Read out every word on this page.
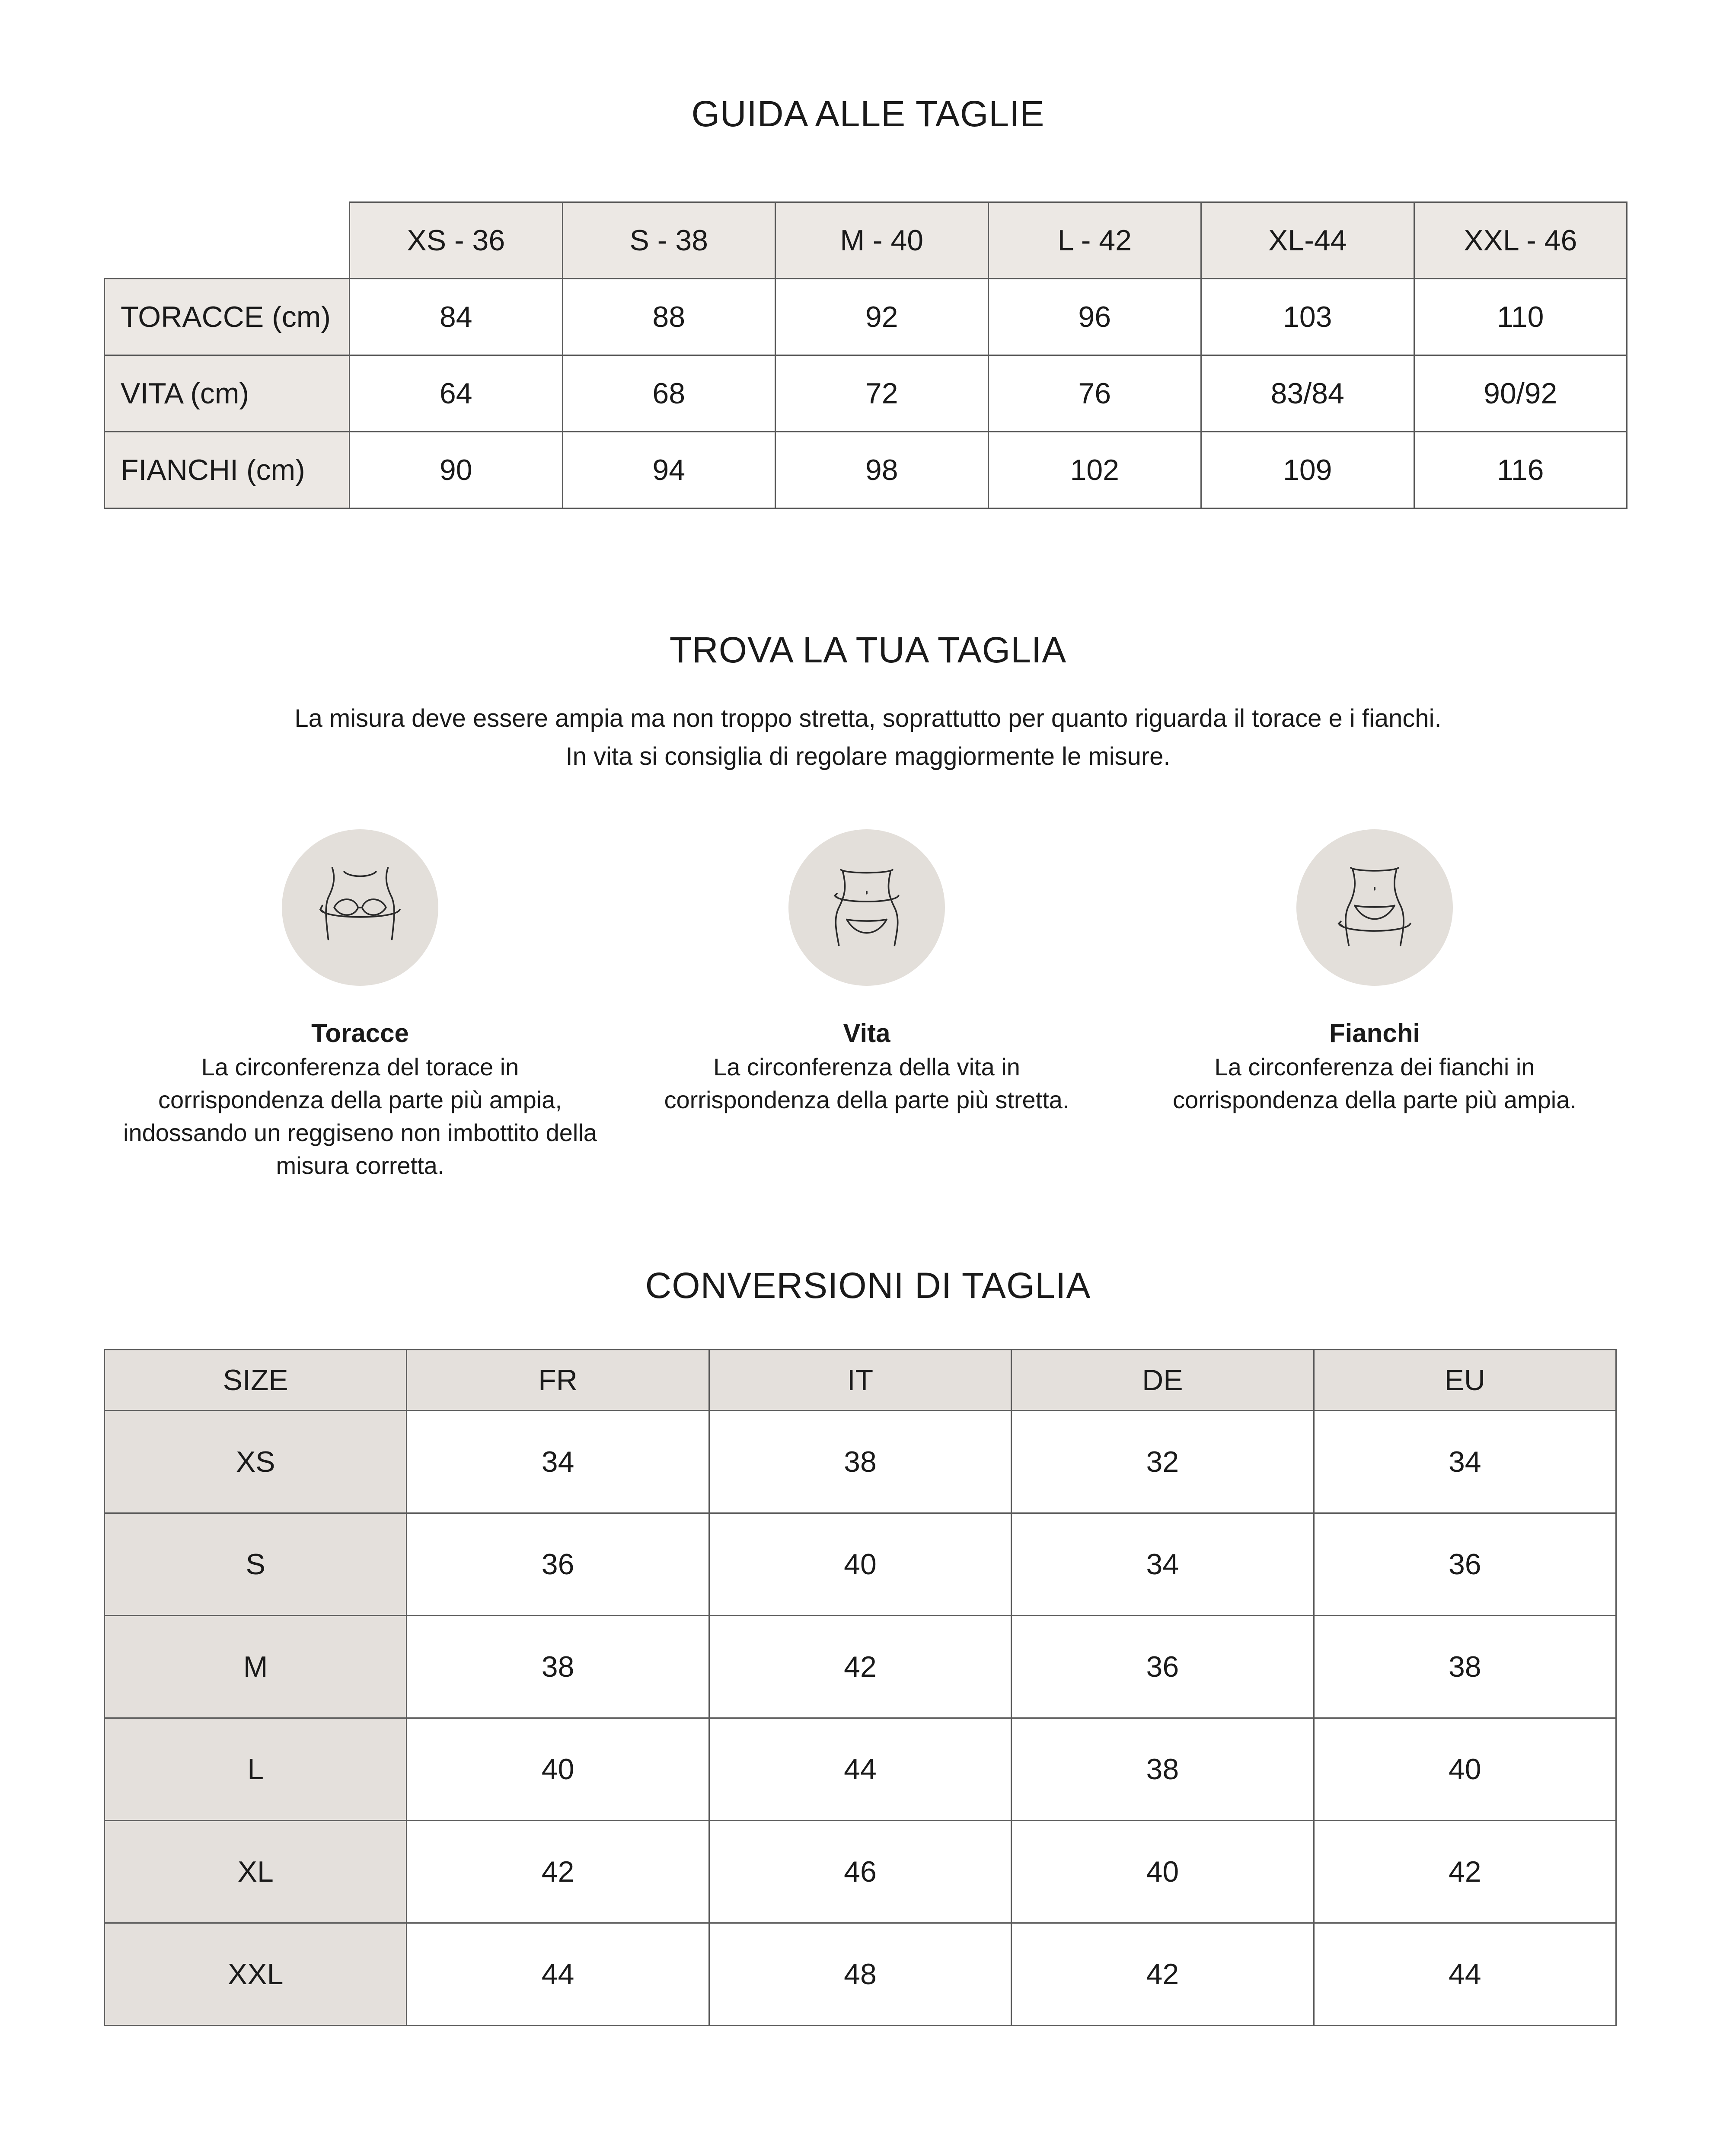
GUIDA ALLE TAGLIE
	XS - 36	S - 38	M - 40	L - 42	XL-44	XXL - 46
TORACCE (cm)	84	88	92	96	103	110
VITA (cm)	64	68	72	76	83/84	90/92
FIANCHI (cm)	90	94	98	102	109	116
TROVA LA TUA TAGLIA

La misura deve essere ampia ma non troppo stretta, soprattutto per quanto riguarda il torace e i fianchi.

In vita si consiglia di regolare maggiormente le misure.

Toracce

La circonferenza del torace in corrispondenza della parte più ampia, indossando un reggiseno non imbottito della misura corretta.

Vita

La circonferenza della vita in corrispondenza della parte più stretta.

Fianchi

La circonferenza dei fianchi in corrispondenza della parte più ampia.

CONVERSIONI DI TAGLIA
SIZE	FR	IT	DE	EU
XS	34	38	32	34
S	36	40	34	36
M	38	42	36	38
L	40	44	38	40
XL	42	46	40	42
XXL	44	48	42	44
